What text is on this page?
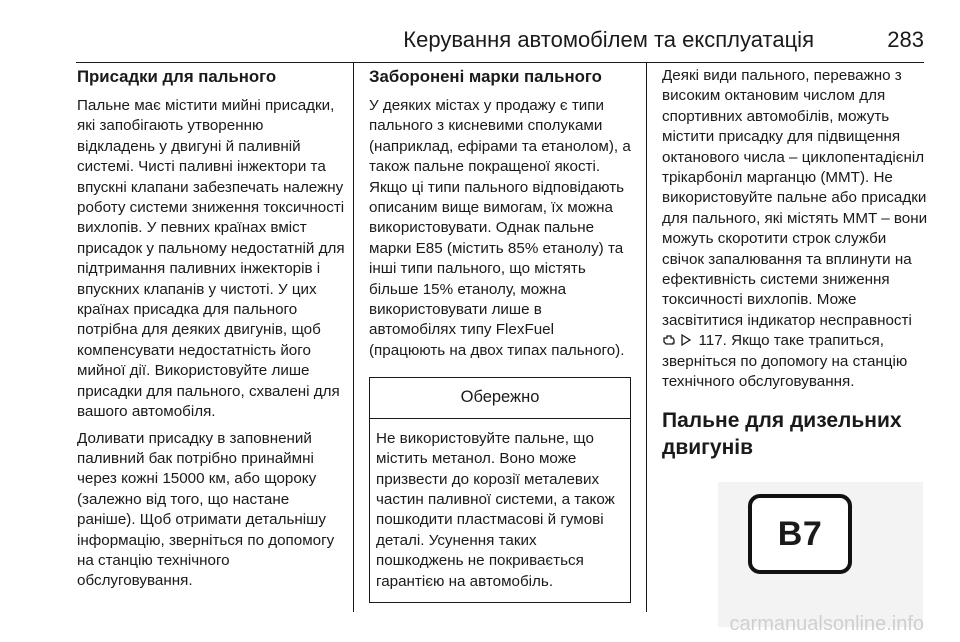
Керування автомобілем та експлуатація	283
Присадки для пального
Пальне має містити мийні присадки, які запобігають утворенню відкладень у двигуні й паливній системі. Чисті паливні інжектори та впускні клапани забезпечать належну роботу системи зниження токсичності вихлопів. У певних країнах вміст присадок у пальному недостатній для підтримання паливних інжекторів і впускних клапанів у чистоті. У цих країнах присадка для пального потрібна для деяких двигунів, щоб компенсувати недостатність його мийної дії. Використовуйте лише присадки для пального, схвалені для вашого автомобіля.
Доливати присадку в заповнений паливний бак потрібно принаймні через кожні 15000 км, або щороку (залежно від того, що настане раніше). Щоб отримати детальнішу інформацію, зверніться по допомогу на станцію технічного обслуговування.
Заборонені марки пального
У деяких містах у продажу є типи пального з кисневими сполуками (наприклад, ефірами та етанолом), а також пальне покращеної якості. Якщо ці типи пального відповідають описаним вище вимогам, їх можна використовувати. Однак пальне марки E85 (містить 85% етанолу) та інші типи пального, що містять більше 15% етанолу, можна використовувати лише в автомобілях типу FlexFuel (працюють на двох типах пального).
Обережно
Не використовуйте пальне, що містить метанол. Воно може призвести до корозії металевих частин паливної системи, а також пошкодити пластмасові й гумові деталі. Усунення таких пошкоджень не покривається гарантією на автомобіль.
Деякі види пального, переважно з високим октановим числом для спортивних автомобілів, можуть містити присадку для підвищення октанового числа – циклопентадієніл трікарбоніл марганцю (MMT). Не використовуйте пальне або присадки для пального, які містять MMT – вони можуть скоротити строк служби свічок запалювання та вплинути на ефективність системи зниження токсичності вихлопів. Може засвітитися індикатор несправності   117. Якщо таке трапиться, зверніться по допомогу на станцію технічного обслуговування.
Пальне для дизельних двигунів
B7
carmanualsonline.info
